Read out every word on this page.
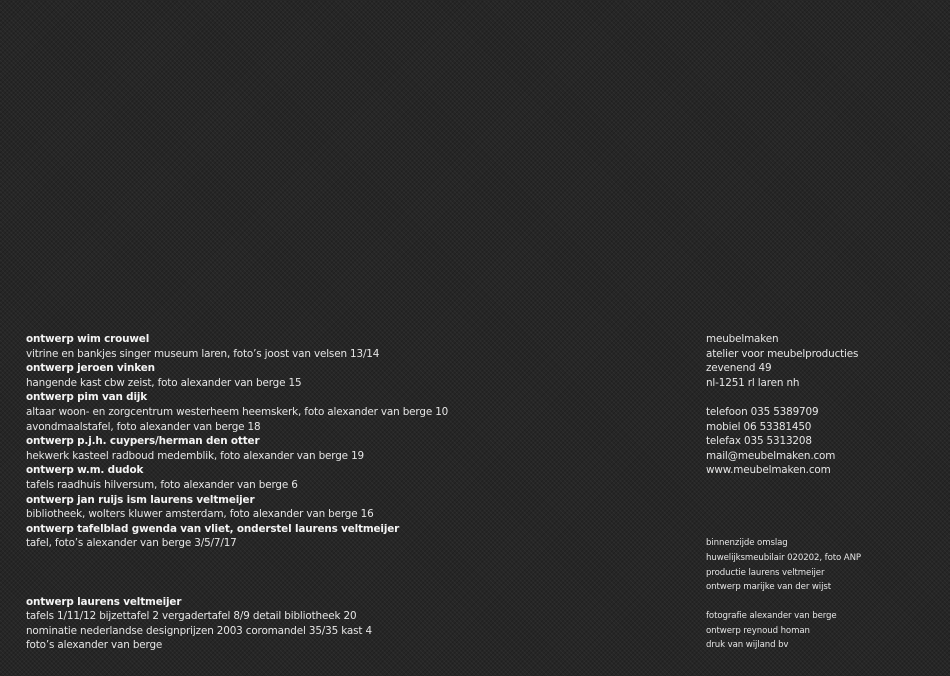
ontwerp wim crouwel
vitrine en bankjes singer museum laren, foto’s joost van velsen 13/14
ontwerp jeroen vinken
hangende kast cbw zeist, foto alexander van berge 15
ontwerp pim van dijk
altaar woon- en zorgcentrum westerheem heemskerk, foto alexander van berge 10
avondmaalstafel, foto alexander van berge 18
ontwerp p.j.h. cuypers/herman den otter
hekwerk kasteel radboud medemblik, foto alexander van berge 19
ontwerp w.m. dudok
tafels raadhuis hilversum, foto alexander van berge 6
ontwerp jan ruijs ism laurens veltmeijer
bibliotheek, wolters kluwer amsterdam, foto alexander van berge 16
ontwerp tafelblad gwenda van vliet, onderstel laurens veltmeijer
tafel, foto’s alexander van berge 3/5/7/17
ontwerp laurens veltmeijer
tafels 1/11/12 bijzettafel 2 vergadertafel 8/9 detail bibliotheek 20
nominatie nederlandse designprijzen 2003 coromandel 35/35 kast 4
foto’s alexander van berge
meubelmaken
atelier voor meubelproducties
zevenend 49
nl-1251 rl laren nh
telefoon 035 5389709
mobiel 06 53381450
telefax 035 5313208
mail@meubelmaken.com
www.meubelmaken.com
binnenzijde omslag
huwelijksmeubilair 020202, foto ANP
productie laurens veltmeijer
ontwerp marijke van der wijst
fotografie alexander van berge
ontwerp reynoud homan
druk van wijland bv
